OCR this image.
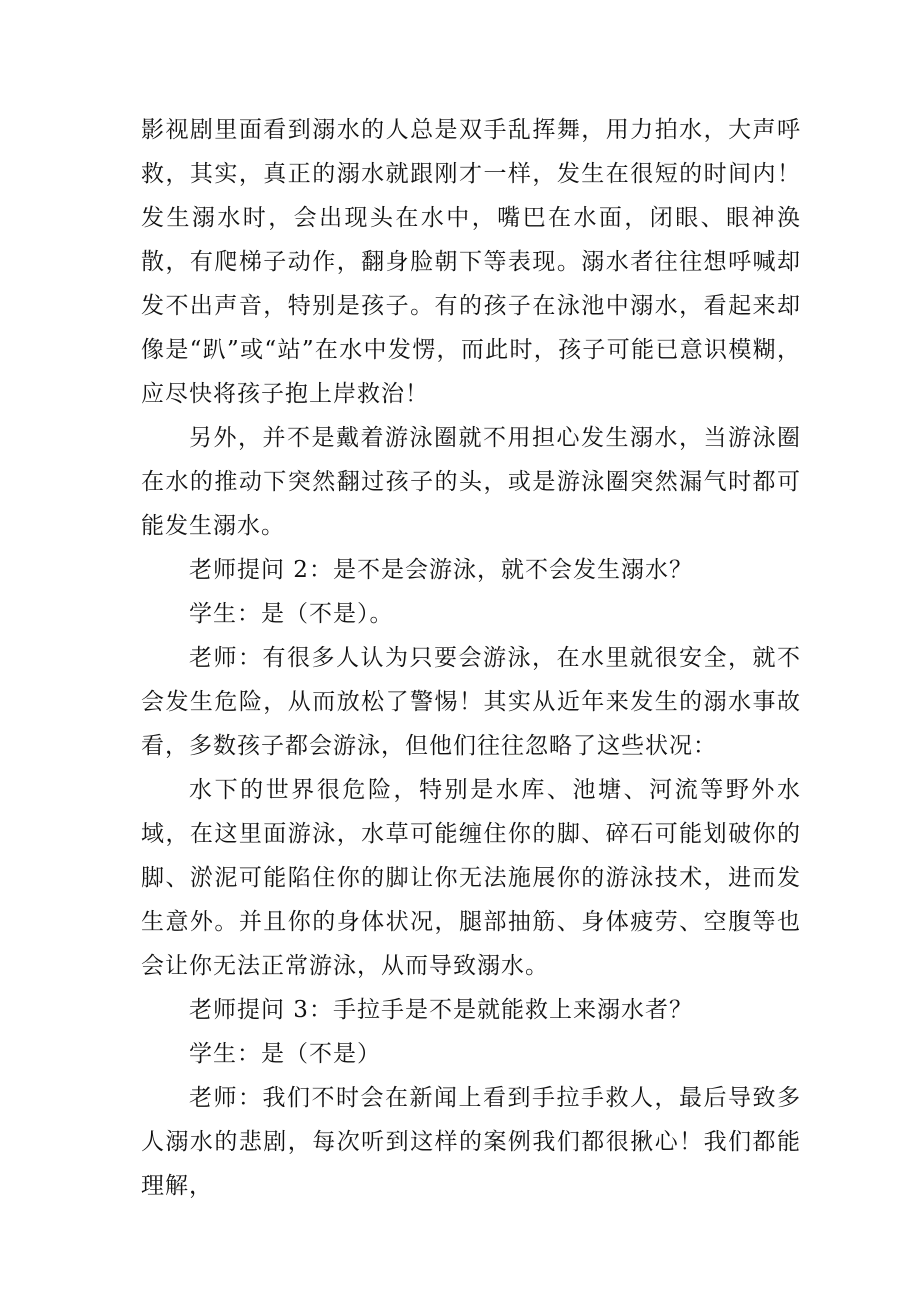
影视剧里面看到溺水的人总是双手乱挥舞，用力拍水，大声呼救，其实，真正的溺水就跟刚才一样，发生在很短的时间内！发生溺水时，会出现头在水中，嘴巴在水面，闭眼、眼神涣散，有爬梯子动作，翻身脸朝下等表现。溺水者往往想呼喊却发不出声音，特别是孩子。有的孩子在泳池中溺水，看起来却像是“趴”或“站”在水中发愣，而此时，孩子可能已意识模糊，应尽快将孩子抱上岸救治！

另外，并不是戴着游泳圈就不用担心发生溺水，当游泳圈在水的推动下突然翻过孩子的头，或是游泳圈突然漏气时都可能发生溺水。

老师提问 2：是不是会游泳，就不会发生溺水？

学生：是（不是）。

老师：有很多人认为只要会游泳，在水里就很安全，就不会发生危险，从而放松了警惕！其实从近年来发生的溺水事故看，多数孩子都会游泳，但他们往往忽略了这些状况：

水下的世界很危险，特别是水库、池塘、河流等野外水域，在这里面游泳，水草可能缠住你的脚、碎石可能划破你的脚、淤泥可能陷住你的脚让你无法施展你的游泳技术，进而发生意外。并且你的身体状况，腿部抽筋、身体疲劳、空腹等也会让你无法正常游泳，从而导致溺水。

老师提问 3：手拉手是不是就能救上来溺水者？

学生：是（不是）

老师：我们不时会在新闻上看到手拉手救人，最后导致多人溺水的悲剧，每次听到这样的案例我们都很揪心！我们都能理解，
